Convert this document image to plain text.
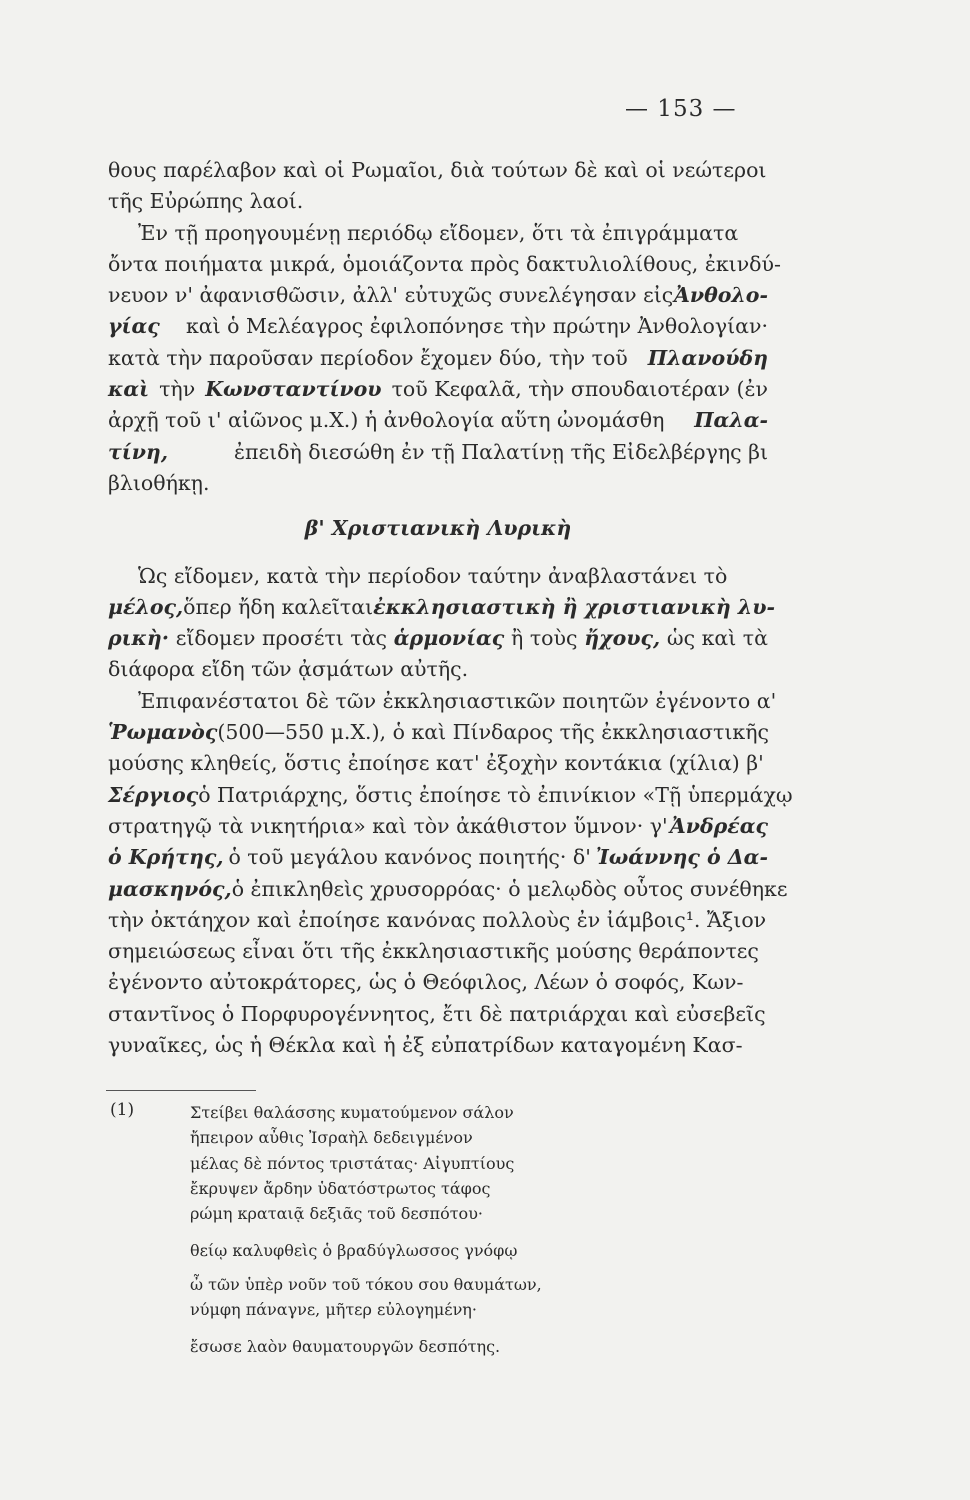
— 153 —
θους παρέλαβον καὶ οἱ Ρωμαῖοι, διὰ τούτων δὲ καὶ οἱ νεώτεροι
τῆς Εὐρώπης λαοί.
Ἐν τῇ προηγουμένῃ περιόδῳ εἴδομεν, ὅτι τὰ ἐπιγράμματα
ὄντα ποιήματα μικρά, ὁμοιάζοντα πρὸς δακτυλιολίθους, ἐκινδύ-
νευον ν' ἀφανισθῶσιν, ἀλλ' εὐτυχῶς συνελέγησαν εἰς Ἀνθολο-
γίας καὶ ὁ Μελέαγρος ἐφιλοπόνησε τὴν πρώτην Ἀνθολογίαν·
κατὰ τὴν παροῦσαν περίοδον ἔχομεν δύο, τὴν τοῦ Πλανούδη
καὶ τὴν Κωνσταντίνου τοῦ Κεφαλᾶ, τὴν σπουδαιοτέραν (ἐν
ἀρχῇ τοῦ ι' αἰῶνος μ.Χ.) ἡ ἀνθολογία αὕτη ὠνομάσθη Παλα-
τίνη,	ἐπειδὴ διεσώθη ἐν τῇ Παλατίνῃ τῆς Εἰδελβέργης βι
βλιοθήκῃ.
β' Χριστιανικὴ Λυρικὴ
Ὡς εἴδομεν, κατὰ τὴν περίοδον ταύτην ἀναβλαστάνει τὸ
μέλος, ὅπερ ἤδη καλεῖται ἐκκλησιαστικὴ ἢ χριστιανικὴ λυ-
ρικὴ· εἴδομεν προσέτι τὰς ἁρμονίας ἢ τοὺς ἤχους, ὡς καὶ τὰ
διάφορα εἴδη τῶν ᾀσμάτων αὐτῆς.
Ἐπιφανέστατοι δὲ τῶν ἐκκλησιαστικῶν ποιητῶν ἐγένοντο α'
Ῥωμανὸς (500—550 μ.Χ.), ὁ καὶ Πίνδαρος τῆς ἐκκλησιαστικῆς
μούσης κληθείς, ὅστις ἐποίησε κατ' ἐξοχὴν κοντάκια (χίλια) β'
Σέργιος ὁ Πατριάρχης, ὅστις ἐποίησε τὸ ἐπινίκιον «Τῇ ὑπερμάχῳ
στρατηγῷ τὰ νικητήρια» καὶ τὸν ἀκάθιστον ὕμνον· γ' Ἀνδρέας
ὁ Κρήτης, ὁ τοῦ μεγάλου κανόνος ποιητής· δ' Ἰωάννης ὁ Δα-
μασκηνός, ὁ ἐπικληθεὶς χρυσορρόας· ὁ μελῳδὸς οὗτος συνέθηκε
τὴν ὀκτάηχον καὶ ἐποίησε κανόνας πολλοὺς ἐν ἰάμβοις¹. Ἄξιον
σημειώσεως εἶναι ὅτι τῆς ἐκκλησιαστικῆς μούσης θεράποντες
ἐγένοντο αὐτοκράτορες, ὡς ὁ Θεόφιλος, Λέων ὁ σοφός, Κων-
σταντῖνος ὁ Πορφυρογέννητος, ἔτι δὲ πατριάρχαι καὶ εὐσεβεῖς
γυναῖκες, ὡς ἡ Θέκλα καὶ ἡ ἐξ εὐπατρίδων καταγομένη Κασ-
(1)	Στείβει θαλάσσης κυματούμενον σάλον
ἤπειρον αὖθις Ἰσραὴλ δεδειγμένον
μέλας δὲ πόντος τριστάτας· Αἰγυπτίους
ἔκρυψεν ἄρδην ὑδατόστρωτος τάφος
ρώμη κραταιᾷ δεξιᾶς τοῦ δεσπότου·
θείῳ καλυφθεὶς ὁ βραδύγλωσσος γνόφῳ
ὦ τῶν ὑπὲρ νοῦν τοῦ τόκου σου θαυμάτων,
νύμφη πάναγνε, μῆτερ εὐλογημένη·
ἔσωσε λαὸν θαυματουργῶν δεσπότης.
